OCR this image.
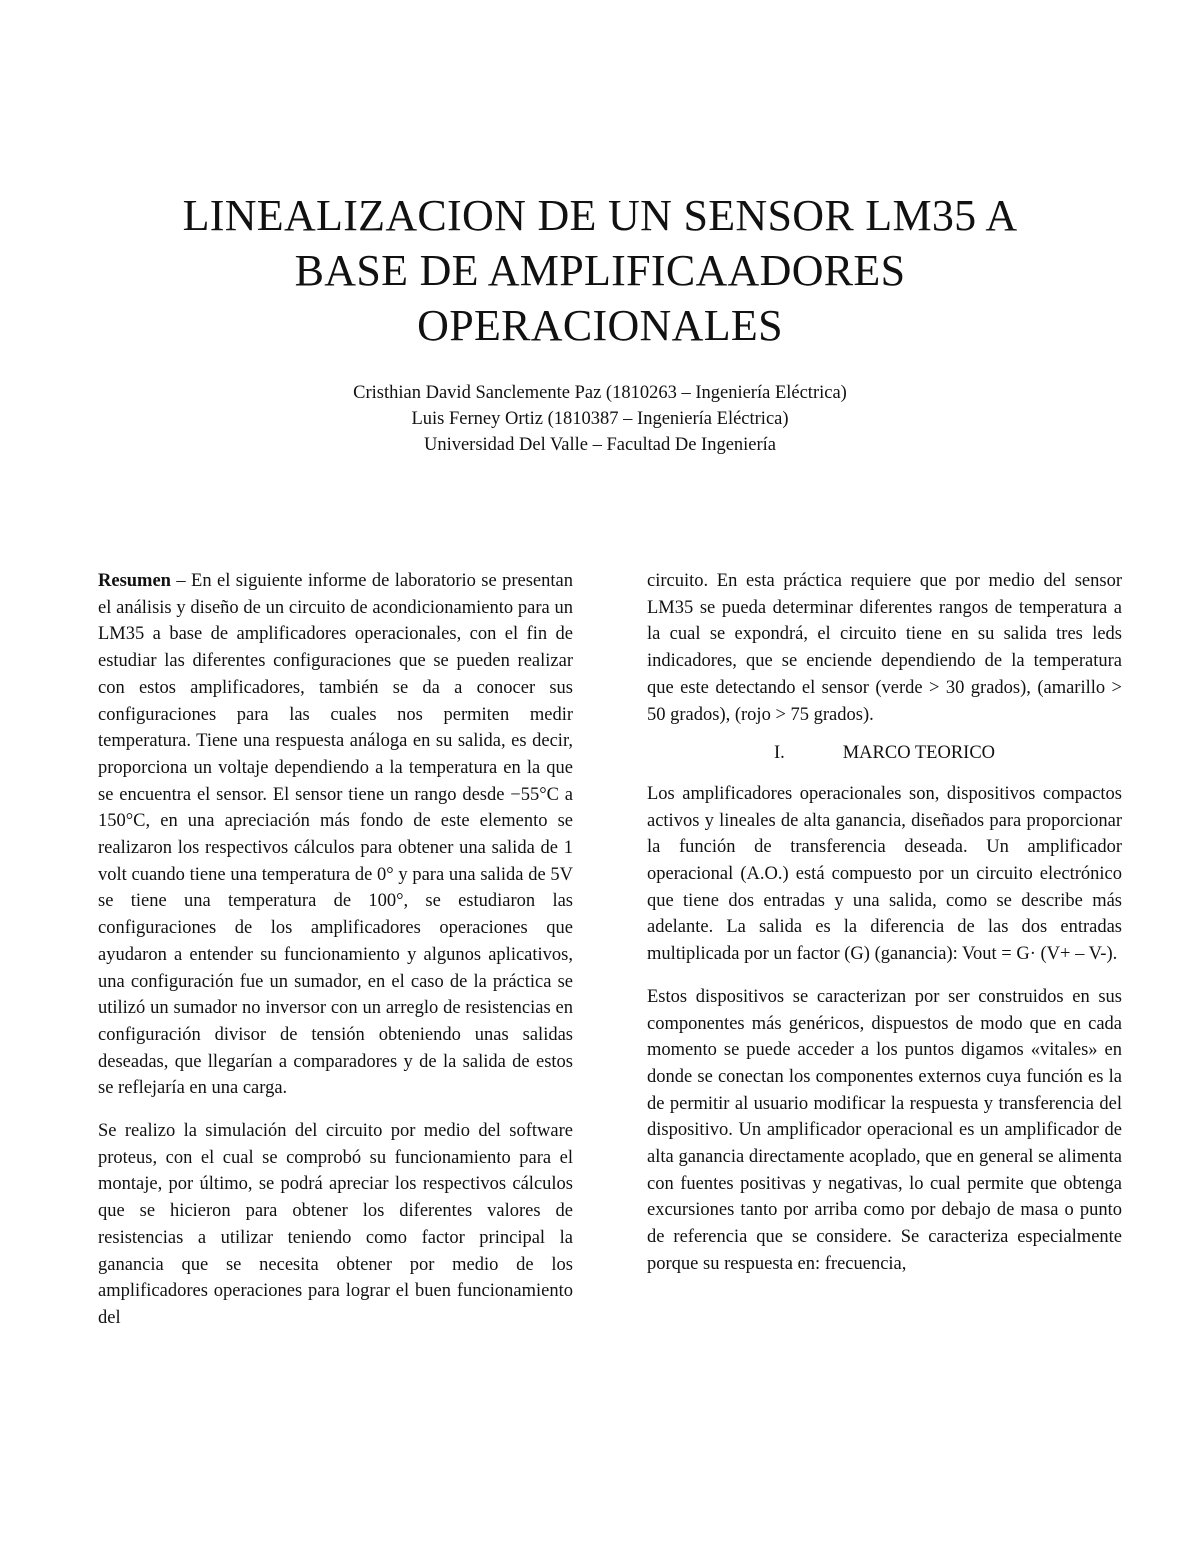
LINEALIZACION DE UN SENSOR LM35 A
BASE DE AMPLIFICAADORES
OPERACIONALES
Cristhian David Sanclemente Paz (1810263 – Ingeniería Eléctrica)
Luis Ferney Ortiz (1810387 – Ingeniería Eléctrica)
Universidad Del Valle – Facultad De Ingeniería

Resumen – En el siguiente informe de laboratorio se presentan el análisis y diseño de un circuito de acondicionamiento para un LM35 a base de amplificadores operacionales, con el fin de estudiar las diferentes configuraciones que se pueden realizar con estos amplificadores, también se da a conocer sus configuraciones para las cuales nos permiten medir temperatura. Tiene una respuesta análoga en su salida, es decir, proporciona un voltaje dependiendo a la temperatura en la que se encuentra el sensor. El sensor tiene un rango desde −55°C a 150°C, en una apreciación más fondo de este elemento se realizaron los respectivos cálculos para obtener una salida de 1 volt cuando tiene una temperatura de 0° y para una salida de 5V se tiene una temperatura de 100°, se estudiaron las configuraciones de los amplificadores operaciones que ayudaron a entender su funcionamiento y algunos aplicativos, una configuración fue un sumador, en el caso de la práctica se utilizó un sumador no inversor con un arreglo de resistencias en configuración divisor de tensión obteniendo unas salidas deseadas, que llegarían a comparadores y de la salida de estos se reflejaría en una carga.

Se realizo la simulación del circuito por medio del software proteus, con el cual se comprobó su funcionamiento para el montaje, por último, se podrá apreciar los respectivos cálculos que se hicieron para obtener los diferentes valores de resistencias a utilizar teniendo como factor principal la ganancia que se necesita obtener por medio de los amplificadores operaciones para lograr el buen funcionamiento del

circuito. En esta práctica requiere que por medio del sensor LM35 se pueda determinar diferentes rangos de temperatura a la cual se expondrá, el circuito tiene en su salida tres leds indicadores, que se enciende dependiendo de la temperatura que este detectando el sensor (verde > 30 grados), (amarillo > 50 grados), (rojo > 75 grados).

I.	MARCO TEORICO

Los amplificadores operacionales son, dispositivos compactos activos y lineales de alta ganancia, diseñados para proporcionar la función de transferencia deseada. Un amplificador operacional (A.O.) está compuesto por un circuito electrónico que tiene dos entradas y una salida, como se describe más adelante. La salida es la diferencia de las dos entradas multiplicada por un factor (G) (ganancia): Vout = G· (V+ – V-).

Estos dispositivos se caracterizan por ser construidos en sus componentes más genéricos, dispuestos de modo que en cada momento se puede acceder a los puntos digamos «vitales» en donde se conectan los componentes externos cuya función es la de permitir al usuario modificar la respuesta y transferencia del dispositivo. Un amplificador operacional es un amplificador de alta ganancia directamente acoplado, que en general se alimenta con fuentes positivas y negativas, lo cual permite que obtenga excursiones tanto por arriba como por debajo de masa o punto de referencia que se considere. Se caracteriza especialmente porque su respuesta en: frecuencia,
